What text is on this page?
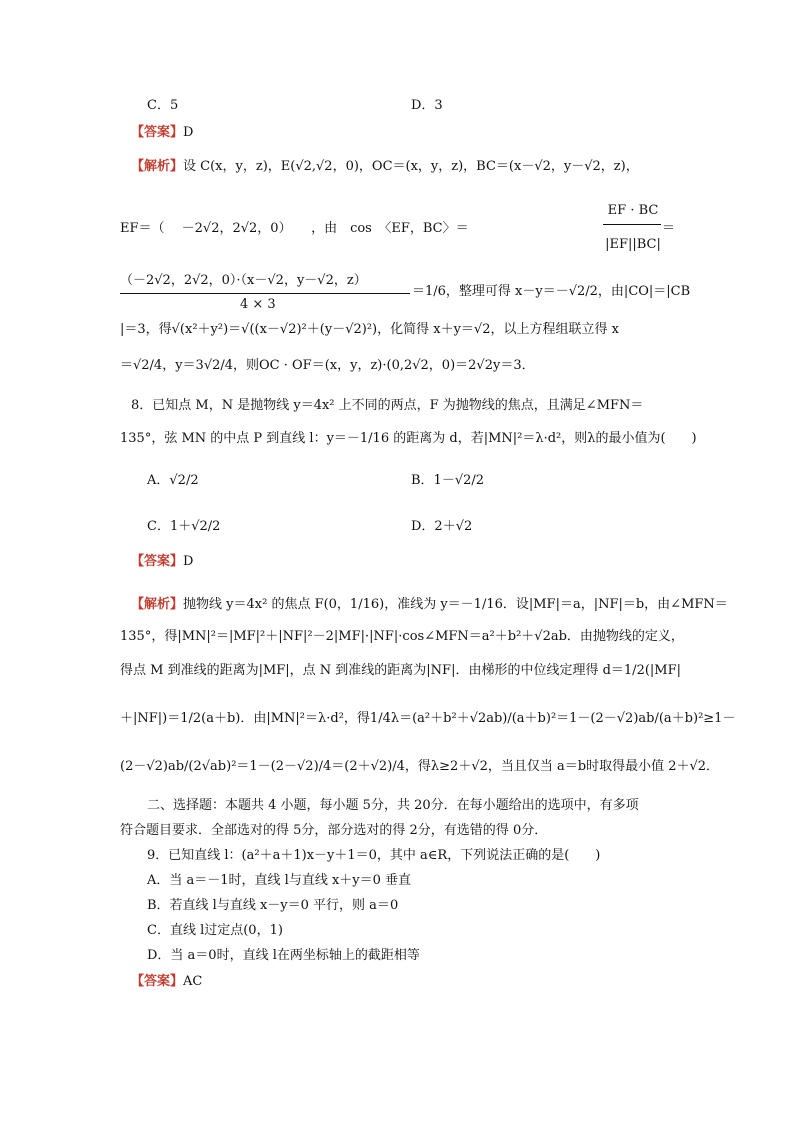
C．5	D．3
【答案】D
【解析】设 C(x，y，z)，E(√2,√2，0)，OC＝(x，y，z)，BC＝(x－√2，y－√2，z)，
EF＝（　 －2√2，2√2，0）　　，由　cos　〈EF，BC〉＝
EF · BC
|EF||BC|
＝
（－2√2，2√2，0）·（x－√2，y－√2，z）
4 × 3
＝1/6，整理可得 x－y＝－√2/2，由|CO|＝|CB
|＝3，得√(x²＋y²)＝√((x－√2)²＋(y－√2)²)，化简得 x＋y＝√2，以上方程组联立得 x
＝√2/4，y＝3√2/4，则OC · OF＝(x，y，z)·(0,2√2，0)＝2√2y＝3．
8．已知点 M，N 是抛物线 y＝4x² 上不同的两点，F 为抛物线的焦点，且满足∠MFN＝
135°，弦 MN 的中点 P 到直线 l：y＝－1/16 的距离为 d，若|MN|²＝λ·d²，则λ的最小值为(　　)
A．√2/2	B．1－√2/2
C．1＋√2/2	D．2＋√2
【答案】D
【解析】抛物线 y＝4x² 的焦点 F(0，1/16)，准线为 y＝－1/16．设|MF|＝a，|NF|＝b，由∠MFN＝
135°，得|MN|²＝|MF|²＋|NF|²－2|MF|·|NF|·cos∠MFN＝a²＋b²＋√2ab．由抛物线的定义，
得点 M 到准线的距离为|MF|，点 N 到准线的距离为|NF|．由梯形的中位线定理得 d＝1/2(|MF|
＋|NF|)＝1/2(a＋b)．由|MN|²＝λ·d²，得1/4λ＝(a²＋b²＋√2ab)/(a＋b)²＝1－(2－√2)ab/(a＋b)²≥1－
(2－√2)ab/(2√ab)²＝1－(2－√2)/4＝(2＋√2)/4，得λ≥2＋√2，当且仅当 a＝b时取得最小值 2＋√2．
二、选择题：本题共 4 小题，每小题 5分，共 20分．在每小题给出的选项中，有多项
符合题目要求．全部选对的得 5分，部分选对的得 2分，有选错的得 0分．
9．已知直线 l：(a²＋a＋1)x－y＋1＝0，其中 a∈R，下列说法正确的是(　　)
A．当 a＝－1时，直线 l与直线 x＋y＝0 垂直
B．若直线 l与直线 x－y＝0 平行，则 a＝0
C．直线 l过定点(0，1)
D．当 a＝0时，直线 l在两坐标轴上的截距相等
【答案】AC
